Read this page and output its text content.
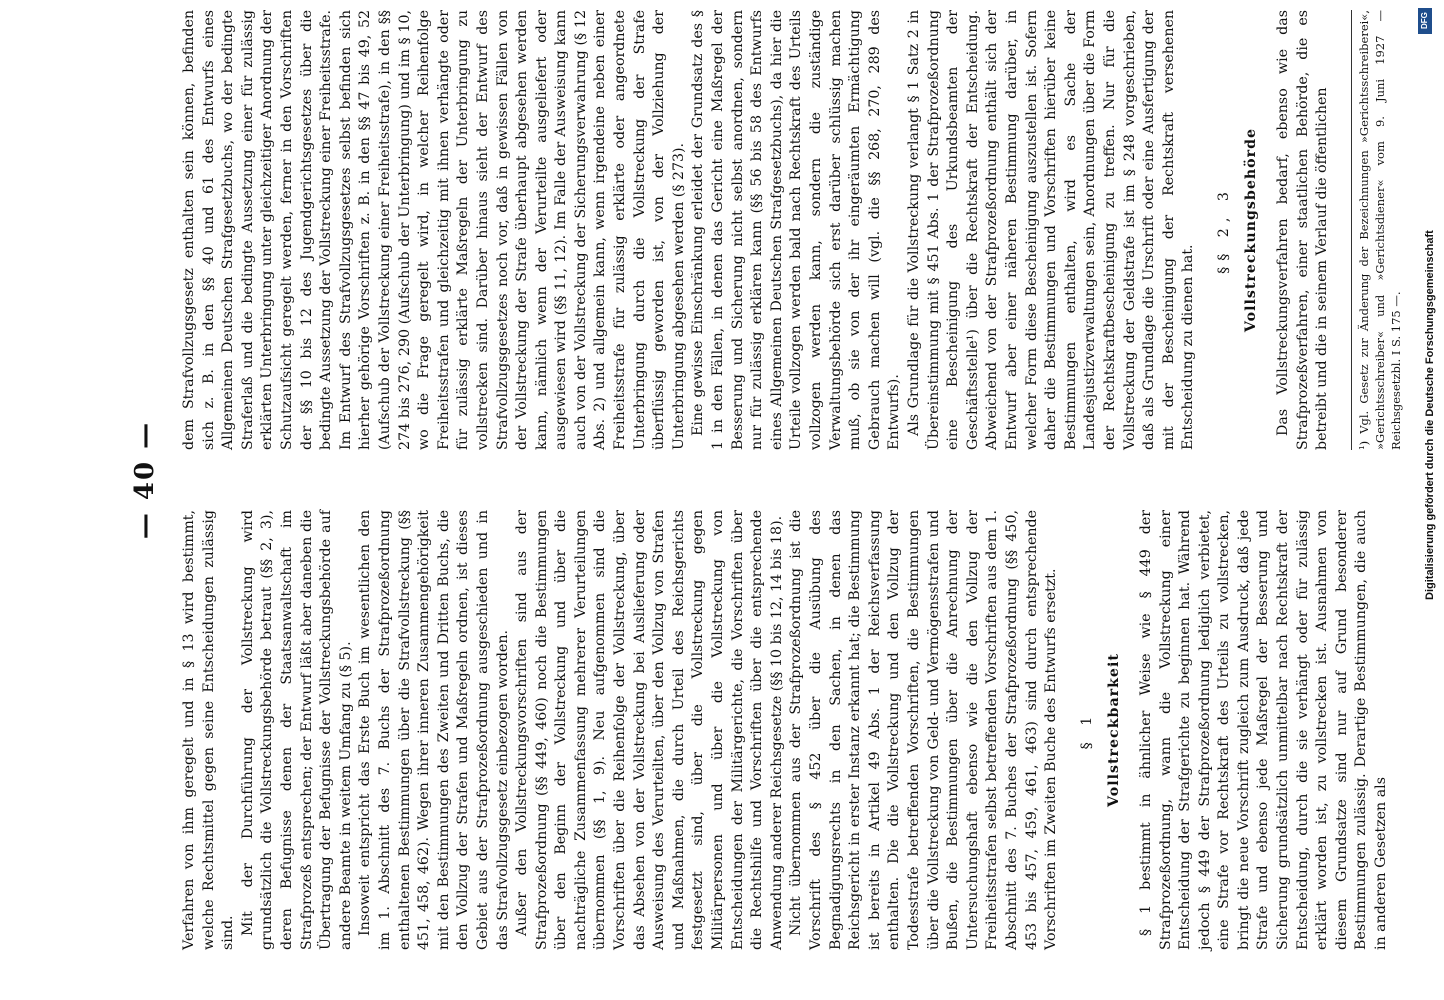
— 40 —

Verfahren von ihm geregelt und in § 13 wird bestimmt, welche Rechtsmittel gegen seine Entscheidungen zulässig sind. Mit der Durchführung der Vollstreckung wird grundsätzlich die Vollstreckungsbehörde betraut (§§ 2, 3), deren Befugnisse denen der Staatsanwaltschaft im Strafprozeß entsprechen; der Entwurf läßt aber daneben die Übertragung der Befugnisse der Vollstreckungsbehörde auf andere Beamte in weitem Umfang zu (§ 5). Insoweit entspricht das Erste Buch im wesentlichen den im 1. Abschnitt des 7. Buchs der Strafprozeßordnung enthaltenen Bestimmungen über die Strafvollstreckung (§§ 451, 458, 462). Wegen ihrer inneren Zusammengehörigkeit mit den Bestimmungen des Zweiten und Dritten Buchs, die den Vollzug der Strafen und Maßregeln ordnen, ist dieses Gebiet aus der Strafprozeßordnung ausgeschieden und in das Strafvollzugsgesetz einbezogen worden. Außer den Vollstreckungsvorschriften sind aus der Strafprozeßordnung (§§ 449, 460) noch die Bestimmungen über den Beginn der Vollstreckung und über die nachträgliche Zusammenfassung mehrerer Verurteilungen übernommen (§§ 1, 9). Neu aufgenommen sind die Vorschriften über die Reihenfolge der Vollstreckung, über das Absehen von der Vollstreckung bei Auslieferung oder Ausweisung des Verurteilten, über den Vollzug von Strafen und Maßnahmen, die durch Urteil des Reichsgerichts festgesetzt sind, über die Vollstreckung gegen Militärpersonen und über die Vollstreckung von Entscheidungen der Militärgerichte, die Vorschriften über die Rechtshilfe und Vorschriften über die entsprechende Anwendung anderer Reichsgesetze (§§ 10 bis 12, 14 bis 18). Nicht übernommen aus der Strafprozeßordnung ist die Vorschrift des § 452 über die Ausübung des Begnadigungsrechts in den Sachen, in denen das Reichsgericht in erster Instanz erkannt hat; die Bestimmung ist bereits in Artikel 49 Abs. 1 der Reichsverfassung enthalten. Die die Vollstreckung und den Vollzug der Todesstrafe betreffenden Vorschriften, die Bestimmungen über die Vollstreckung von Geld- und Vermögensstrafen und Bußen, die Bestimmungen über die Anrechnung der Untersuchungshaft ebenso wie die den Vollzug der Freiheitsstrafen selbst betreffenden Vorschriften aus dem 1. Abschnitt des 7. Buches der Strafprozeßordnung (§§ 450, 453 bis 457, 459, 461, 463) sind durch entsprechende Vorschriften im Zweiten Buche des Entwurfs ersetzt. § 1 Vollstreckbarkeit § 1 bestimmt in ähnlicher Weise wie § 449 der Strafprozeßordnung, wann die Vollstreckung einer Entscheidung der Strafgerichte zu beginnen hat. Während jedoch § 449 der Strafprozeßordnung lediglich verbietet, eine Strafe vor Rechtskraft des Urteils zu vollstrecken, bringt die neue Vorschrift zugleich zum Ausdruck, daß jede Strafe und ebenso jede Maßregel der Besserung und Sicherung grundsätzlich unmittelbar nach Rechtskraft der Entscheidung, durch die sie verhängt oder für zulässig erklärt worden ist, zu vollstrecken ist. Ausnahmen von diesem Grundsatze sind nur auf Grund besonderer Bestimmungen zulässig. Derartige Bestimmungen, die auch in anderen Gesetzen als

dem Strafvollzugsgesetz enthalten sein können, befinden sich z. B. in den §§ 40 und 61 des Entwurfs eines Allgemeinen Deutschen Strafgesetzbuchs, wo der bedingte Straferlaß und die bedingte Aussetzung einer für zulässig erklärten Unterbringung unter gleichzeitiger Anordnung der Schutzaufsicht geregelt werden, ferner in den Vorschriften der §§ 10 bis 12 des Jugendgerichtsgesetzes über die bedingte Aussetzung der Vollstreckung einer Freiheitsstrafe. Im Entwurf des Strafvollzugsgesetzes selbst befinden sich hierher gehörige Vorschriften z. B. in den §§ 47 bis 49, 52 (Aufschub der Vollstreckung einer Freiheitsstrafe), in den §§ 274 bis 276, 290 (Aufschub der Unterbringung) und im § 10, wo die Frage geregelt wird, in welcher Reihenfolge Freiheitsstrafen und gleichzeitig mit ihnen verhängte oder für zulässig erklärte Maßregeln der Unterbringung zu vollstrecken sind. Darüber hinaus sieht der Entwurf des Strafvollzugsgesetzes noch vor, daß in gewissen Fällen von der Vollstreckung der Strafe überhaupt abgesehen werden kann, nämlich wenn der Verurteilte ausgeliefert oder ausgewiesen wird (§§ 11, 12). Im Falle der Ausweisung kann auch von der Vollstreckung der Sicherungsverwahrung (§ 12 Abs. 2) und allgemein kann, wenn irgendeine neben einer Freiheitsstrafe für zulässig erklärte oder angeordnete Unterbringung durch die Vollstreckung der Strafe überflüssig geworden ist, von der Vollziehung der Unterbringung abgesehen werden (§ 273). Eine gewisse Einschränkung erleidet der Grundsatz des § 1 in den Fällen, in denen das Gericht eine Maßregel der Besserung und Sicherung nicht selbst anordnen, sondern nur für zulässig erklären kann (§§ 56 bis 58 des Entwurfs eines Allgemeinen Deutschen Strafgesetzbuchs), da hier die Urteile vollzogen werden bald nach Rechtskraft des Urteils vollzogen werden kann, sondern die zuständige Verwaltungsbehörde sich erst darüber schlüssig machen muß, ob sie von der ihr eingeräumten Ermächtigung Gebrauch machen will (vgl. die §§ 268, 270, 289 des Entwurfs). Als Grundlage für die Vollstreckung verlangt § 1 Satz 2 in Übereinstimmung mit § 451 Abs. 1 der Strafprozeßordnung eine Bescheinigung des Urkundsbeamten der Geschäftsstelle¹) über die Rechtskraft der Entscheidung. Abweichend von der Strafprozeßordnung enthält sich der Entwurf aber einer näheren Bestimmung darüber, in welcher Form diese Bescheinigung auszustellen ist. Sofern daher die Bestimmungen und Vorschriften hierüber keine Bestimmungen enthalten, wird es Sache der Landesjustizverwaltungen sein, Anordnungen über die Form der Rechtskraftbescheinigung zu treffen. Nur für die Vollstreckung der Geldstrafe ist im § 248 vorgeschrieben, daß als Grundlage die Urschrift oder eine Ausfertigung der mit der Bescheinigung der Rechtskraft versehenen Entscheidung zu dienen hat.

§§ 2, 3 Vollstreckungsbehörde Das Vollstreckungsverfahren bedarf, ebenso wie das Strafprozeßverfahren, einer staatlichen Behörde, die es betreibt und die in seinem Verlauf die öffentlichen ¹) Vgl. Gesetz zur Änderung der Bezeichnungen »Gerichtsschreiberei«, »Gerichtsschreiber« und »Gerichtsdiener« vom 9. Juni 1927 — Reichsgesetzbl. I S. 175 —. Digitalisierung gefördert durch die Deutsche Forschungsgemeinschaft
DFG
